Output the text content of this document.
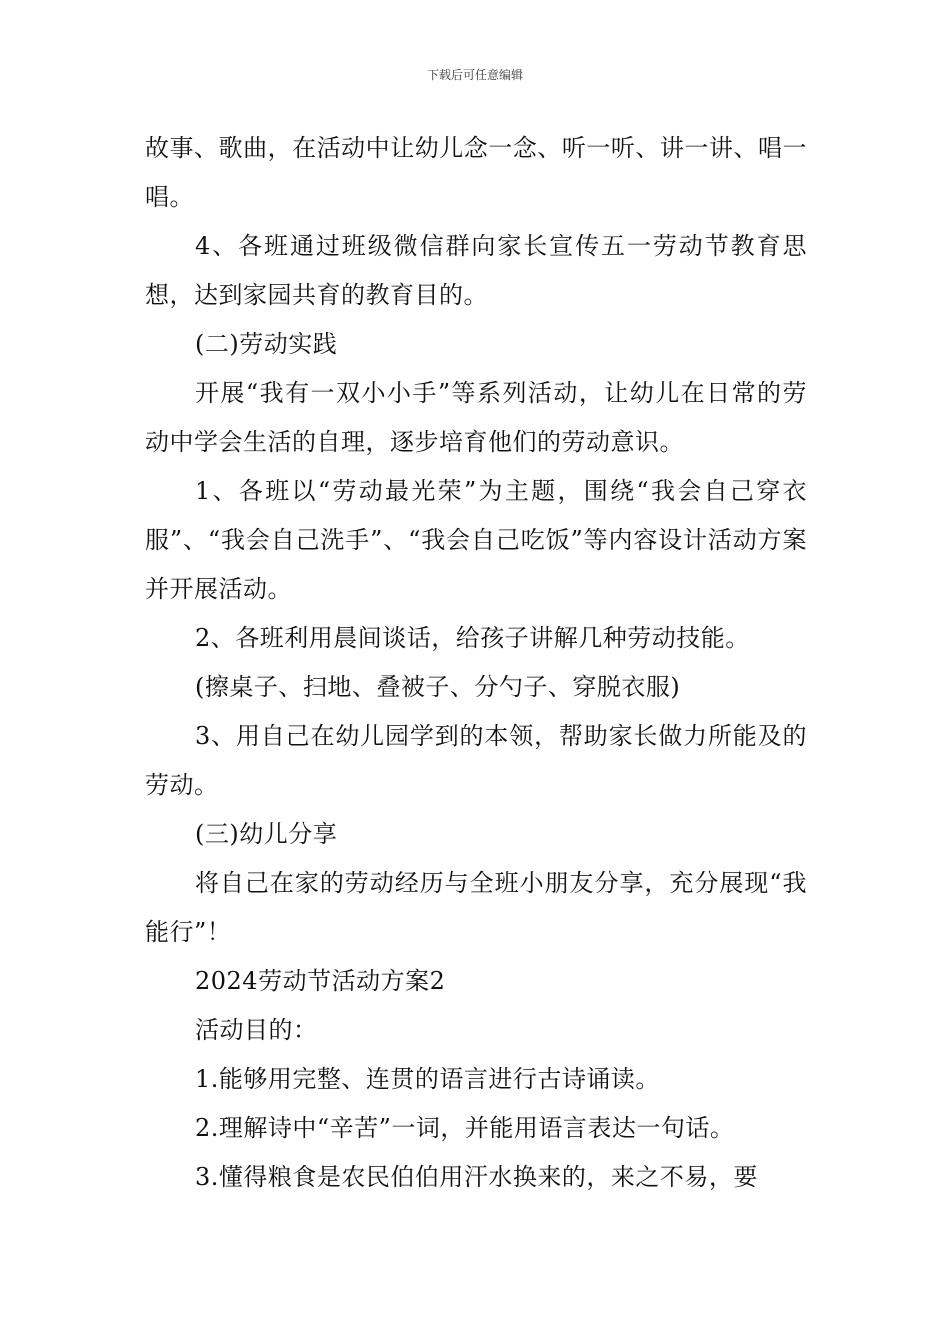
下载后可任意编辑

故事、歌曲，在活动中让幼儿念一念、听一听、讲一讲、唱一唱。

4、各班通过班级微信群向家长宣传五一劳动节教育思想，达到家园共育的教育目的。

(二)劳动实践

开展“我有一双小小手”等系列活动，让幼儿在日常的劳动中学会生活的自理，逐步培育他们的劳动意识。

1、各班以“劳动最光荣”为主题，围绕“我会自己穿衣服”、“我会自己洗手”、“我会自己吃饭”等内容设计活动方案并开展活动。

2、各班利用晨间谈话，给孩子讲解几种劳动技能。

(擦桌子、扫地、叠被子、分勺子、穿脱衣服)

3、用自己在幼儿园学到的本领，帮助家长做力所能及的劳动。

(三)幼儿分享

将自己在家的劳动经历与全班小朋友分享，充分展现“我能行”！

2024劳动节活动方案2

活动目的：

1.能够用完整、连贯的语言进行古诗诵读。

2.理解诗中“辛苦”一词，并能用语言表达一句话。

3.懂得粮食是农民伯伯用汗水换来的，来之不易，要
